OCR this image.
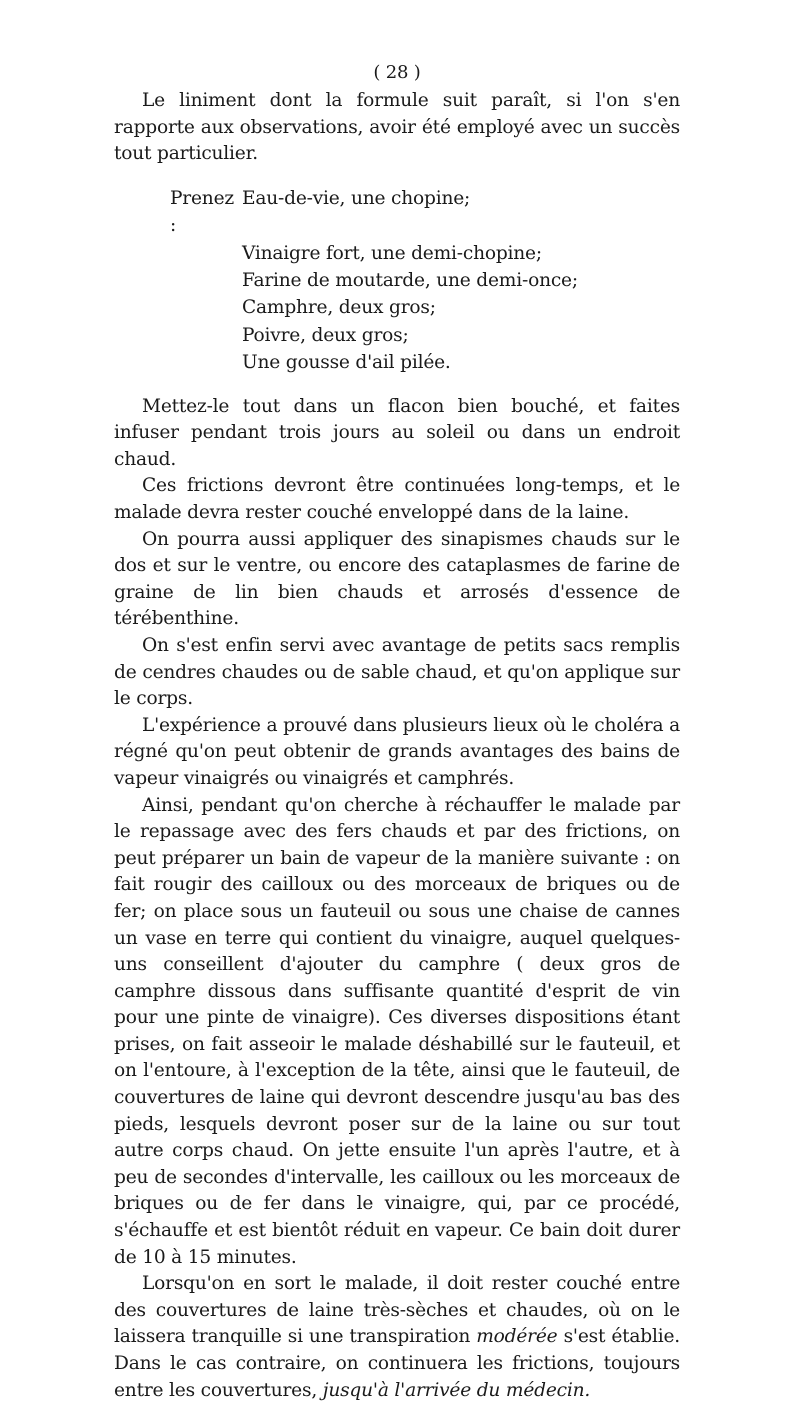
( 28 )

Le liniment dont la formule suit paraît, si l'on s'en rapporte aux observations, avoir été employé avec un succès tout particulier.

Prenez :
Eau-de-vie, une chopine;
Vinaigre fort, une demi-chopine;
Farine de moutarde, une demi-once;
Camphre, deux gros;
Poivre, deux gros;
Une gousse d'ail pilée.

Mettez-le tout dans un flacon bien bouché, et faites infuser pendant trois jours au soleil ou dans un endroit chaud.

Ces frictions devront être continuées long-temps, et le malade devra rester couché enveloppé dans de la laine.

On pourra aussi appliquer des sinapismes chauds sur le dos et sur le ventre, ou encore des cataplasmes de farine de graine de lin bien chauds et arrosés d'essence de térébenthine.

On s'est enfin servi avec avantage de petits sacs remplis de cendres chaudes ou de sable chaud, et qu'on applique sur le corps.

L'expérience a prouvé dans plusieurs lieux où le choléra a régné qu'on peut obtenir de grands avantages des bains de vapeur vinaigrés ou vinaigrés et camphrés.

Ainsi, pendant qu'on cherche à réchauffer le malade par le repassage avec des fers chauds et par des frictions, on peut préparer un bain de vapeur de la manière suivante : on fait rougir des cailloux ou des morceaux de briques ou de fer; on place sous un fauteuil ou sous une chaise de cannes un vase en terre qui contient du vinaigre, auquel quelques-uns conseillent d'ajouter du camphre ( deux gros de camphre dissous dans suffisante quantité d'esprit de vin pour une pinte de vinaigre). Ces diverses dispositions étant prises, on fait asseoir le malade déshabillé sur le fauteuil, et on l'entoure, à l'exception de la tête, ainsi que le fauteuil, de couvertures de laine qui devront descendre jusqu'au bas des pieds, lesquels devront poser sur de la laine ou sur tout autre corps chaud. On jette ensuite l'un après l'autre, et à peu de secondes d'intervalle, les cailloux ou les morceaux de briques ou de fer dans le vinaigre, qui, par ce procédé, s'échauffe et est bientôt réduit en vapeur. Ce bain doit durer de 10 à 15 minutes.

Lorsqu'on en sort le malade, il doit rester couché entre des couvertures de laine très-sèches et chaudes, où on le laissera tranquille si une transpiration modérée s'est établie. Dans le cas contraire, on continuera les frictions, toujours entre les couvertures, jusqu'à l'arrivée du médecin.
